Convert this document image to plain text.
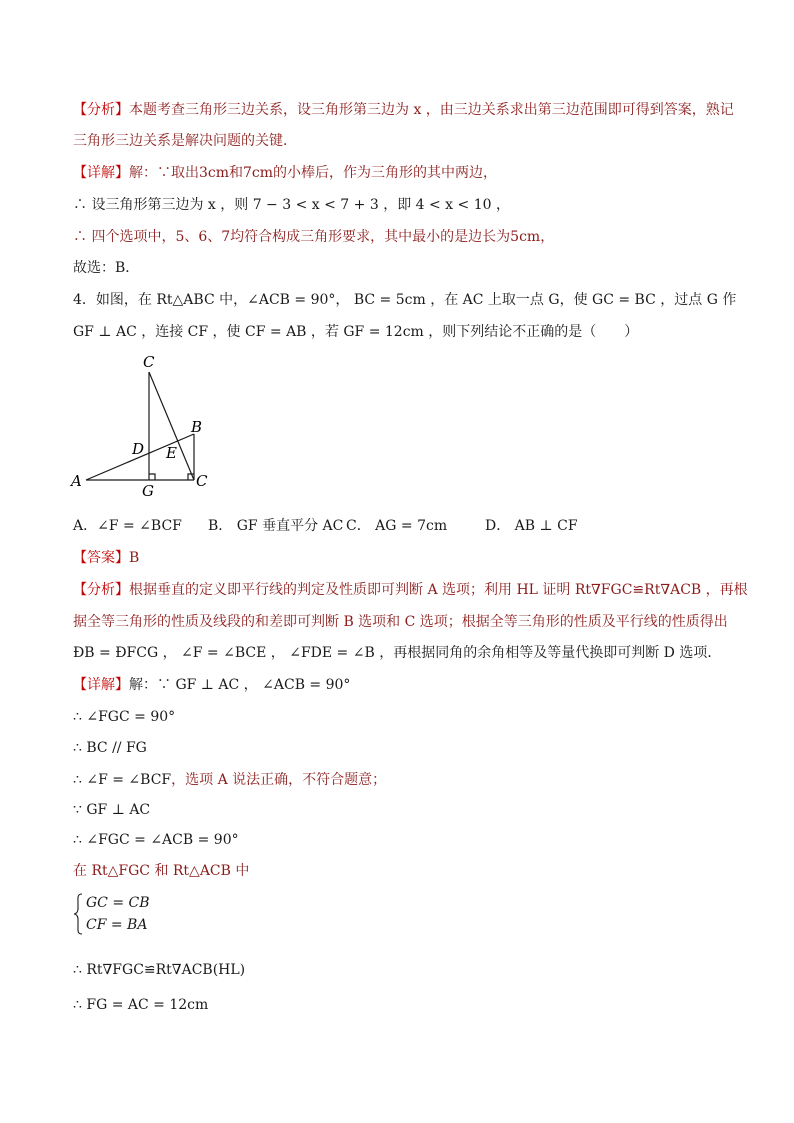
【分析】本题考查三角形三边关系，设三角形第三边为 x ，由三边关系求出第三边范围即可得到答案，熟记
三角形三边关系是解决问题的关键．
【详解】解：∵取出3cm和7cm的小棒后，作为三角形的其中两边，
∴ 设三角形第三边为 x ，则 7 − 3 < x < 7 + 3 ，即 4 < x < 10 ，
∴ 四个选项中，5、6、7均符合构成三角形要求，其中最小的是边长为5cm，
故选：B．
4．如图，在 Rt△ABC 中，∠ACB = 90°， BC = 5cm ，在 AC 上取一点 G，使 GC = BC ，过点 G 作
GF ⊥ AC ，连接 CF ，使 CF = AB ，若 GF = 12cm ，则下列结论不正确的是（　　）
C
B
D E
A
G
C
A．∠F = ∠BCF B． GF 垂直平分 AC C． AG = 7cm	D． AB ⊥ CF
【答案】B
【分析】根据垂直的定义即平行线的判定及性质即可判断 A 选项；利用 HL 证明 Rt∇FGC≌Rt∇ACB ，再根
据全等三角形的性质及线段的和差即可判断 B 选项和 C 选项；根据全等三角形的性质及平行线的性质得出
ÐB = ÐFCG ， ∠F = ∠BCE ， ∠FDE = ∠B ，再根据同角的余角相等及等量代换即可判断 D 选项．
【详解】解：∵ GF ⊥ AC ， ∠ACB = 90°
∴ ∠FGC = 90°
∴ BC // FG
∴ ∠F = ∠BCF，选项 A 说法正确，不符合题意；
∵ GF ⊥ AC
∴ ∠FGC = ∠ACB = 90°
在 Rt△FGC 和 Rt△ACB 中
GC = CB
CF = BA
∴ Rt∇FGC≌Rt∇ACB(HL)
∴ FG = AC = 12cm
